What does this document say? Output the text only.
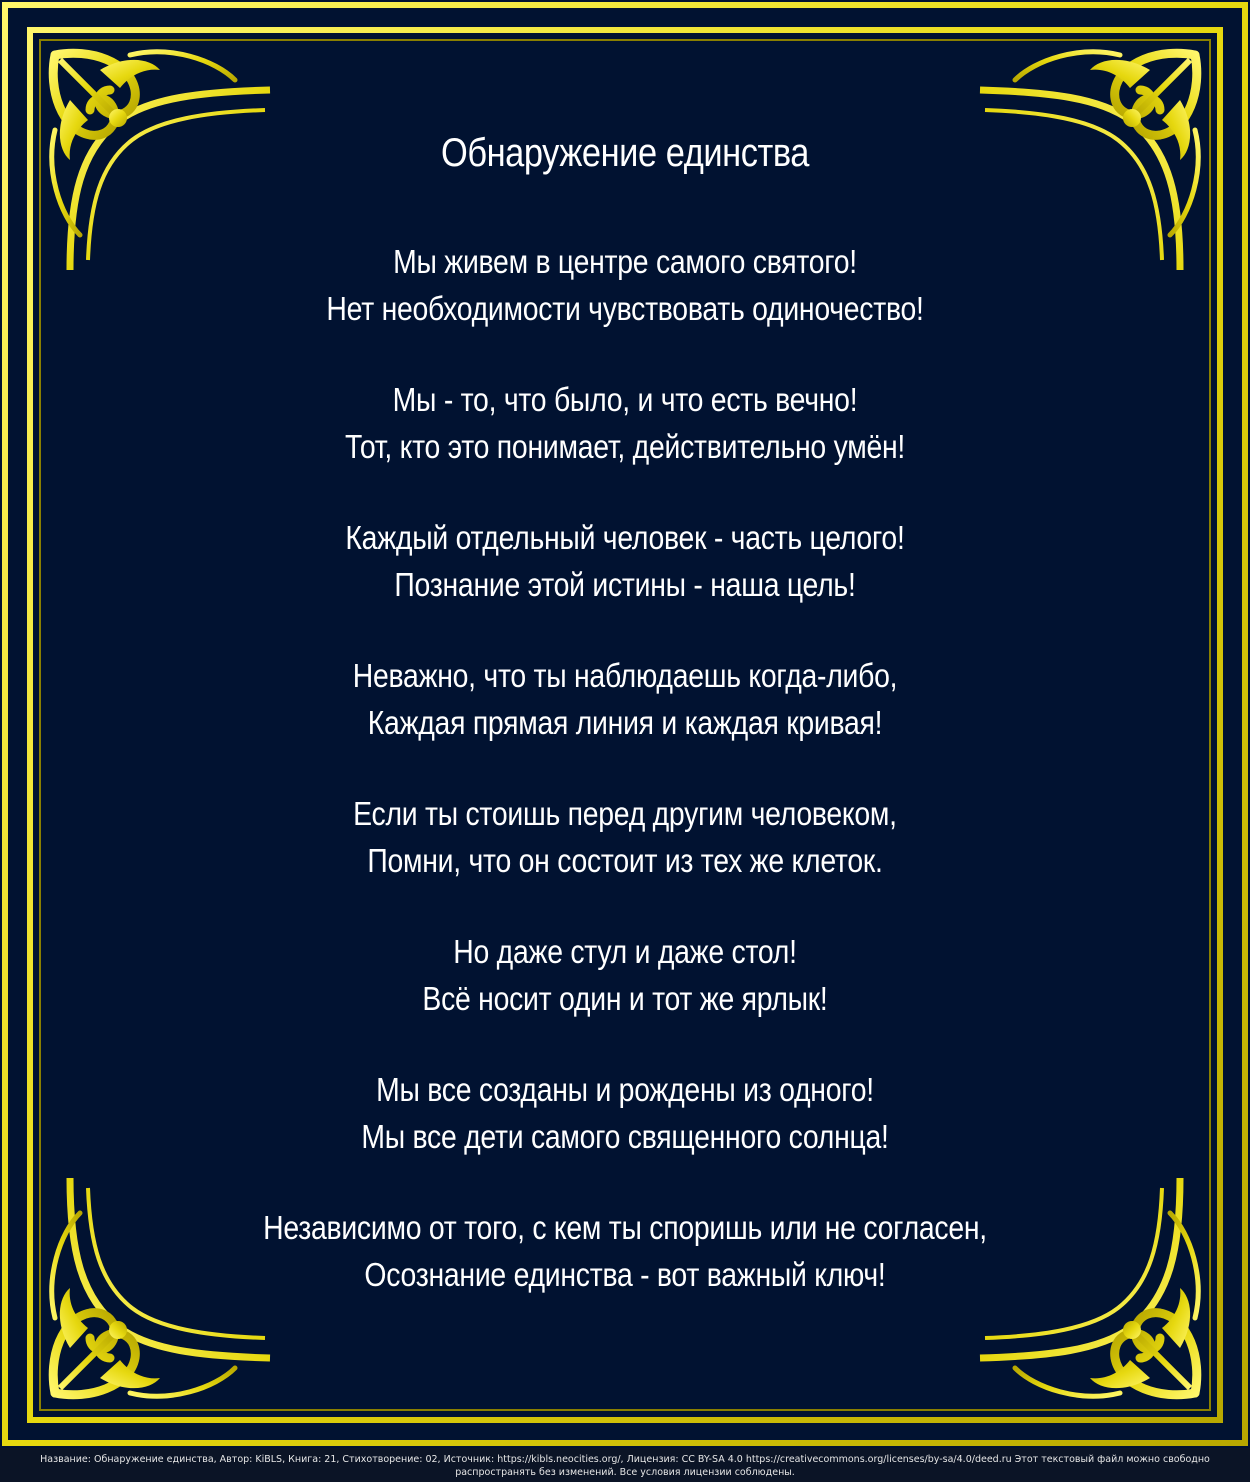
Обнаружение единства
Мы живем в центре самого святого!
Нет необходимости чувствовать одиночество!
Мы - то, что было, и что есть вечно!
Тот, кто это понимает, действительно умён!
Каждый отдельный человек - часть целого!
Познание этой истины - наша цель!
Неважно, что ты наблюдаешь когда-либо,
Каждая прямая линия и каждая кривая!
Если ты стоишь перед другим человеком,
Помни, что он состоит из тех же клеток.
Но даже стул и даже стол!
Всё носит один и тот же ярлык!
Мы все созданы и рождены из одного!
Мы все дети самого священного солнца!
Независимо от того, с кем ты споришь или не согласен,
Осознание единства - вот важный ключ!
Название: Обнаружение единства, Автор: KiBLS, Книга: 21, Стихотворение: 02, Источник: https://kibls.neocities.org/, Лицензия: CC BY-SA 4.0 https://creativecommons.org/licenses/by-sa/4.0/deed.ru Этот текстовый файл можно свободно
распространять без изменений. Все условия лицензии соблюдены.
